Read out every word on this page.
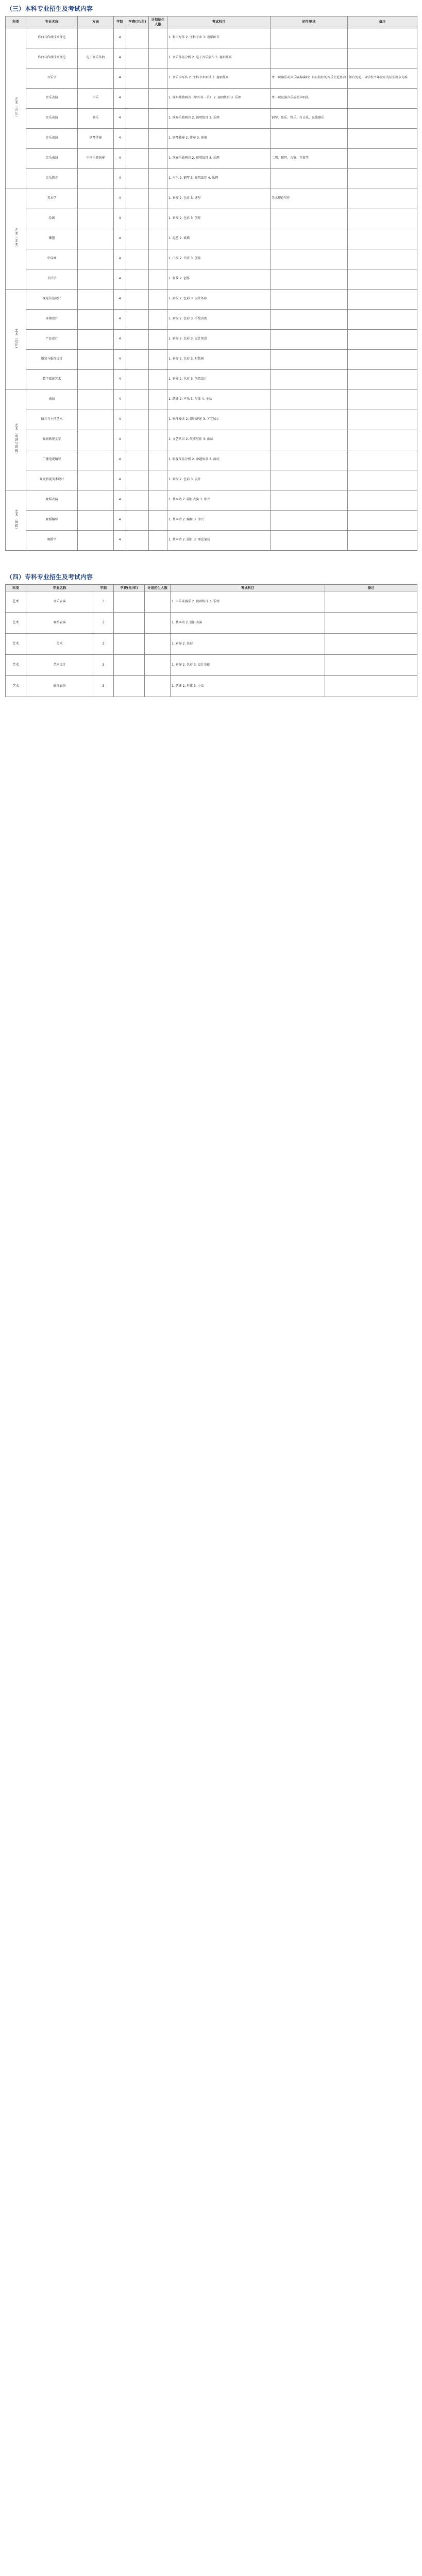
（三）本科专业招生及考试内容
科类	专业名称	方向	学制	学费(元/年)	计划招生人数	考试科目	招生要求	备注
艺术（音乐）	作曲与作曲技术理论		4			1. 和声写作 2. 主科专业 3. 视唱练耳		
	作曲与作曲技术理论	电子音乐作曲	4			1. 音乐作品分析 2. 电子音乐创作 3. 视唱练耳		
	音乐学		4			1. 音乐学写作 2. 主科专业面试 3. 视唱练耳	考一项器乐或声乐演奏演唱；具有较好的音乐史论基础	如有变动，以学校当年发布的招生简章为准
	音乐表演	声乐	4			1. 演唱歌曲两首（中外各一首） 2. 视唱练耳 3. 乐理	考一项民族声乐或美声唱法	
	音乐表演	器乐	4			1. 演奏乐曲两首 2. 视唱练耳 3. 乐理	钢琴、弦乐、管乐、打击乐、民族器乐	
	音乐表演	钢琴伴奏	4			1. 钢琴独奏 2. 伴奏 3. 视奏		
	音乐表演	中国乐器演奏	4			1. 演奏乐曲两首 2. 视唱练耳 3. 乐理	二胡、琵琶、古筝、竹笛等	
	音乐教育		4			1. 声乐 2. 钢琴 3. 视唱练耳 4. 乐理		
艺术（美术）	美术学		4			1. 素描 2. 色彩 3. 速写	美术理论写作	
	绘画		4			1. 素描 2. 色彩 3. 创作		
	雕塑		4			1. 泥塑 2. 素描		
	中国画		4			1. 白描 2. 书法 3. 创作		
	书法学		4			1. 临摹 2. 创作		
艺术（设计）	视觉传达设计		4			1. 素描 2. 色彩 3. 设计基础		
	环境设计		4			1. 素描 2. 色彩 3. 手绘表现		
	产品设计		4			1. 素描 2. 色彩 3. 设计创意		
	服装与服饰设计		4			1. 素描 2. 色彩 3. 时装画		
	数字媒体艺术		4			1. 素描 2. 色彩 3. 创意设计		
艺术（戏剧与影视）	表演		4			1. 朗诵 2. 声乐 3. 形体 4. 小品		
	播音与主持艺术		4			1. 稿件播读 2. 即兴评述 3. 才艺展示		
	戏剧影视文学		4			1. 文艺常识 2. 故事写作 3. 面试		
	广播电视编导		4			1. 影视作品分析 2. 命题故事 3. 面试		
	戏剧影视美术设计		4			1. 素描 2. 色彩 3. 设计		
艺术（舞蹈）	舞蹈表演		4			1. 基本功 2. 剧目表演 3. 即兴		
	舞蹈编导		4			1. 基本功 2. 编舞 3. 即兴		
	舞蹈学		4			1. 基本功 2. 剧目 3. 理论笔试		
（四）专科专业招生及考试内容
科类	专业名称	学制	学费(元/年)	计划招生人数	考试科目	备注
艺术	音乐表演	3			1. 声乐或器乐 2. 视唱练耳 3. 乐理	
艺术	舞蹈表演	3			1. 基本功 2. 剧目表演	
艺术	美术	3			1. 素描 2. 色彩	
艺术	艺术设计	3			1. 素描 2. 色彩 3. 设计基础	
艺术	影视表演	3			1. 朗诵 2. 形体 3. 小品	
